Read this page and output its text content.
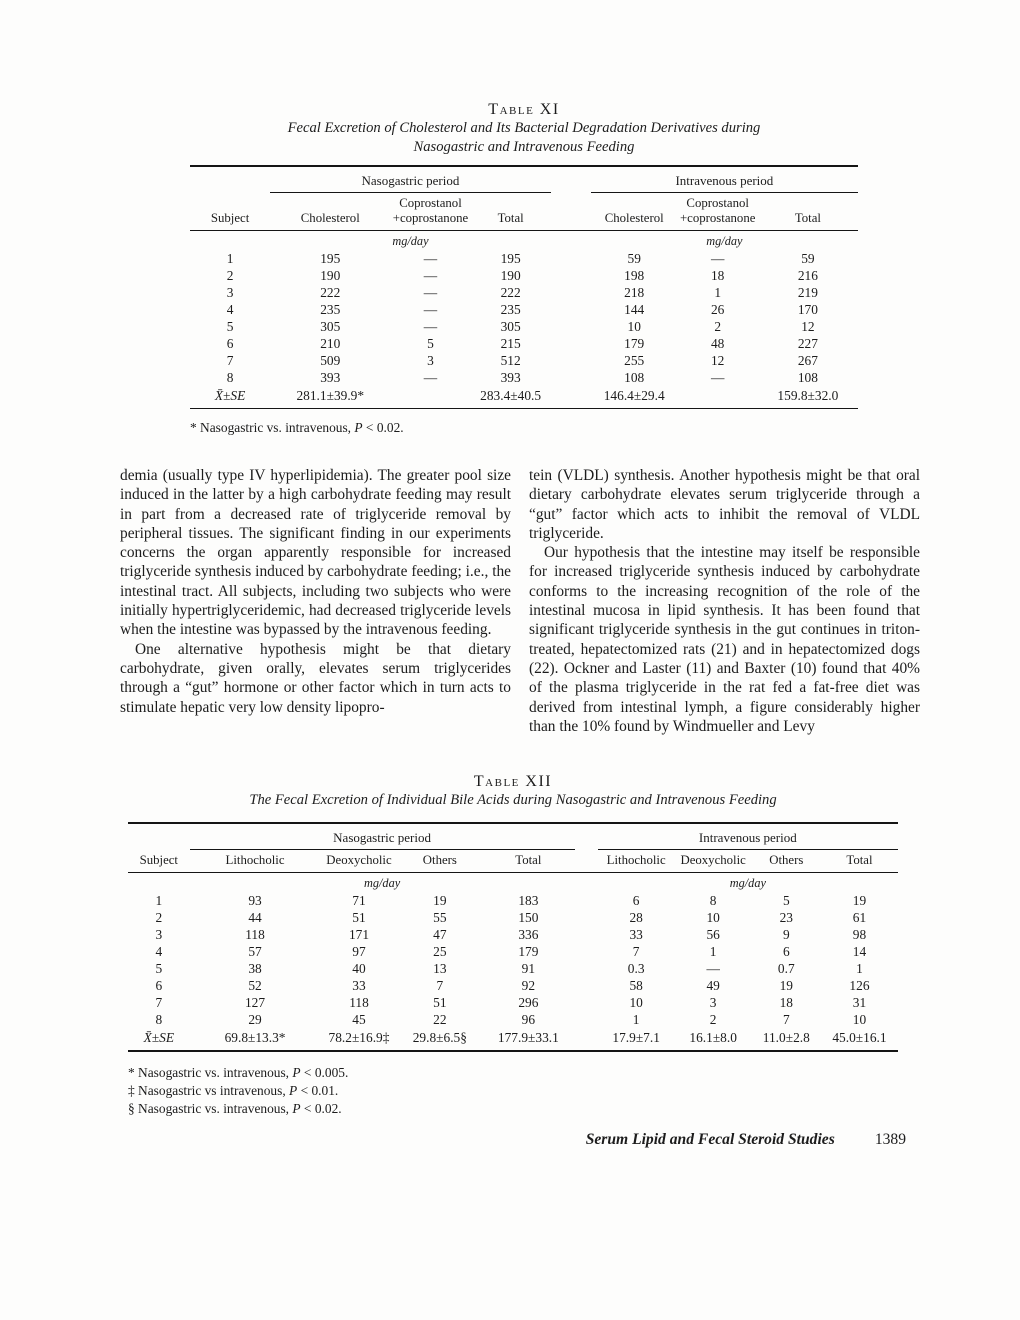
Table XI
Fecal Excretion of Cholesterol and Its Bacterial Degradation Derivatives during
Nasogastric and Intravenous Feeding
	Nasogastric period				Intravenous period		
Subject	Cholesterol	Coprostanol
+coprostanone	Total		Cholesterol	Coprostanol
+coprostanone	Total
	mg/day				mg/day		
1	195	—	195		59	—	59
2	190	—	190		198	18	216
3	222	—	222		218	1	219
4	235	—	235		144	26	170
5	305	—	305		10	2	12
6	210	5	215		179	48	227
7	509	3	512		255	12	267
8	393	—	393		108	—	108
X̄±SE	281.1±39.9*		283.4±40.5		146.4±29.4		159.8±32.0
* Nasogastric vs. intravenous, P < 0.02.

demia (usually type IV hyperlipidemia). The greater pool size induced in the latter by a high carbohydrate feeding may result in part from a decreased rate of triglyceride removal by peripheral tissues. The significant finding in our experiments concerns the organ apparently responsible for increased triglyceride synthesis induced by carbohydrate feeding; i.e., the intestinal tract. All subjects, including two subjects who were initially hypertriglyceridemic, had decreased triglyceride levels when the intestine was bypassed by the intravenous feeding.

One alternative hypothesis might be that dietary carbohydrate, given orally, elevates serum triglycerides through a “gut” hormone or other factor which in turn acts to stimulate hepatic very low density lipopro-

tein (VLDL) synthesis. Another hypothesis might be that oral dietary carbohydrate elevates serum triglyceride through a “gut” factor which acts to inhibit the removal of VLDL triglyceride.

Our hypothesis that the intestine may itself be responsible for increased triglyceride synthesis induced by carbohydrate conforms to the increasing recognition of the role of the intestinal mucosa in lipid synthesis. It has been found that significant triglyceride synthesis in the gut continues in triton-treated, hepatectomized rats (21) and in hepatectomized dogs (22). Ockner and Laster (11) and Baxter (10) found that 40% of the plasma triglyceride in the rat fed a fat-free diet was derived from intestinal lymph, a figure considerably higher than the 10% found by Windmueller and Levy

Table XII
The Fecal Excretion of Individual Bile Acids during Nasogastric and Intravenous Feeding
	Nasogastric period					Intravenous period			
Subject	Lithocholic	Deoxycholic	Others	Total		Lithocholic	Deoxycholic	Others	Total
	mg/day					mg/day			
1	93	71	19	183		6	8	5	19
2	44	51	55	150		28	10	23	61
3	118	171	47	336		33	56	9	98
4	57	97	25	179		7	1	6	14
5	38	40	13	91		0.3	—	0.7	1
6	52	33	7	92		58	49	19	126
7	127	118	51	296		10	3	18	31
8	29	45	22	96		1	2	7	10
X̄±SE	69.8±13.3*	78.2±16.9‡	29.8±6.5§	177.9±33.1		17.9±7.1	16.1±8.0	11.0±2.8	45.0±16.1
* Nasogastric vs. intravenous, P < 0.005.
‡ Nasogastric vs intravenous, P < 0.01.
§ Nasogastric vs. intravenous, P < 0.02.
Serum Lipid and Fecal Steroid Studies	1389
